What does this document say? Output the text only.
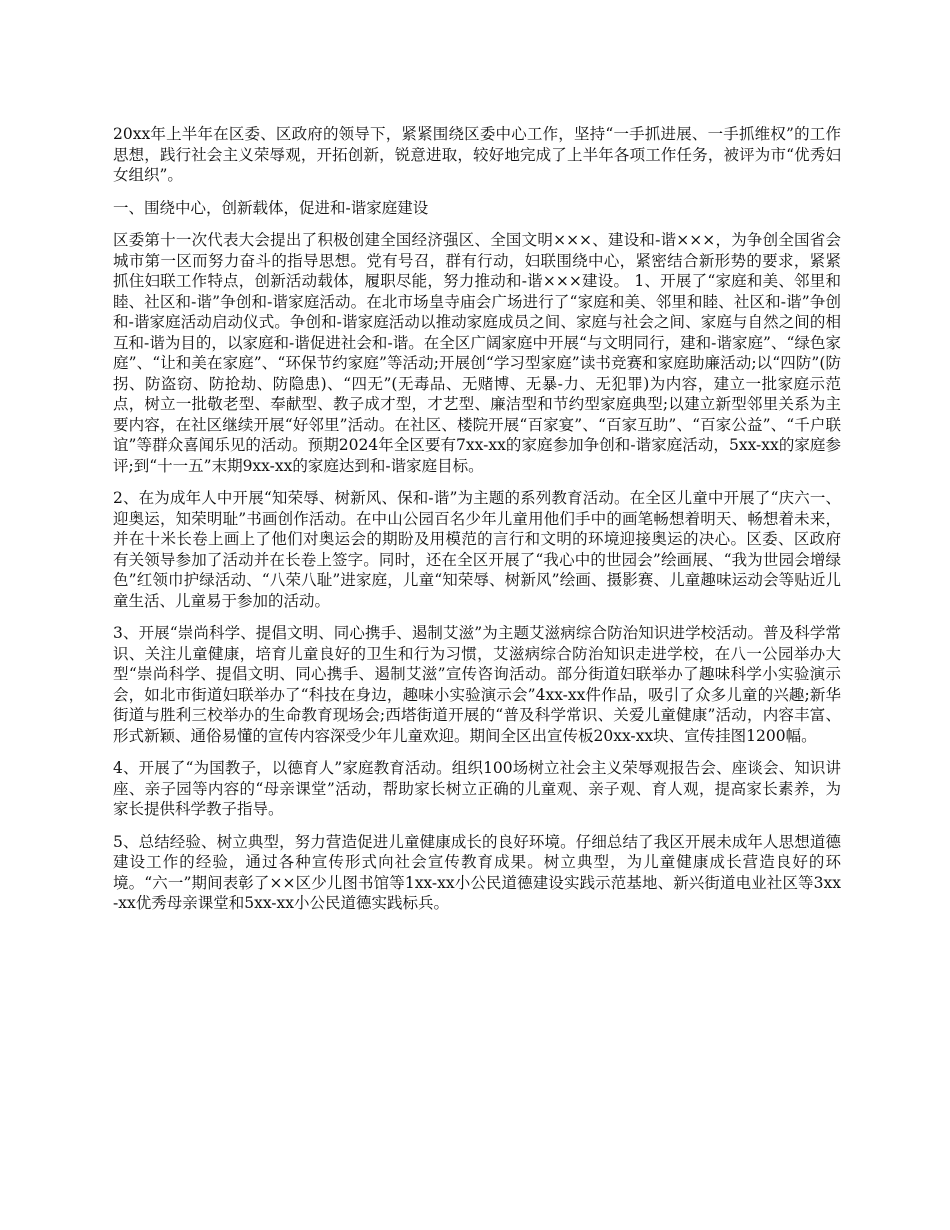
20xx年上半年在区委、区政府的领导下，紧紧围绕区委中心工作，坚持“一手抓进展、一手抓维权”的工作思想，践行社会主义荣辱观，开拓创新，锐意进取，较好地完成了上半年各项工作任务，被评为市“优秀妇女组织”。

一、围绕中心，创新载体，促进和-谐家庭建设

区委第十一次代表大会提出了积极创建全国经济强区、全国文明×××、建设和-谐×××，为争创全国省会城市第一区而努力奋斗的指导思想。党有号召，群有行动，妇联围绕中心，紧密结合新形势的要求，紧紧抓住妇联工作特点，创新活动载体，履职尽能，努力推动和-谐×××建设。 1、开展了“家庭和美、邻里和睦、社区和-谐”争创和-谐家庭活动。在北市场皇寺庙会广场进行了“家庭和美、邻里和睦、社区和-谐”争创和-谐家庭活动启动仪式。争创和-谐家庭活动以推动家庭成员之间、家庭与社会之间、家庭与自然之间的相互和-谐为目的，以家庭和-谐促进社会和-谐。在全区广阔家庭中开展“与文明同行，建和-谐家庭”、“绿色家庭”、“让和美在家庭”、“环保节约家庭”等活动;开展创“学习型家庭”读书竞赛和家庭助廉活动;以“四防”(防拐、防盗窃、防抢劫、防隐患)、“四无”(无毒品、无赌博、无暴-力、无犯罪)为内容，建立一批家庭示范点，树立一批敬老型、奉献型、教子成才型，才艺型、廉洁型和节约型家庭典型;以建立新型邻里关系为主要内容，在社区继续开展“好邻里”活动。在社区、楼院开展“百家宴”、“百家互助”、“百家公益”、“千户联谊”等群众喜闻乐见的活动。预期2024年全区要有7xx-xx的家庭参加争创和-谐家庭活动，5xx-xx的家庭参评;到“十一五”末期9xx-xx的家庭达到和-谐家庭目标。

2、在为成年人中开展“知荣辱、树新风、保和-谐”为主题的系列教育活动。在全区儿童中开展了“庆六一、迎奥运，知荣明耻”书画创作活动。在中山公园百名少年儿童用他们手中的画笔畅想着明天、畅想着未来，并在十米长卷上画上了他们对奥运会的期盼及用模范的言行和文明的环境迎接奥运的决心。区委、区政府有关领导参加了活动并在长卷上签字。同时，还在全区开展了“我心中的世园会”绘画展、“我为世园会增绿色”红领巾护绿活动、“八荣八耻”进家庭，儿童“知荣辱、树新风”绘画、摄影赛、儿童趣味运动会等贴近儿童生活、儿童易于参加的活动。

3、开展“崇尚科学、提倡文明、同心携手、遏制艾滋”为主题艾滋病综合防治知识进学校活动。普及科学常识、关注儿童健康，培育儿童良好的卫生和行为习惯，艾滋病综合防治知识走进学校，在八一公园举办大型“崇尚科学、提倡文明、同心携手、遏制艾滋”宣传咨询活动。部分街道妇联举办了趣味科学小实验演示会，如北市街道妇联举办了“科技在身边，趣味小实验演示会”4xx-xx件作品，吸引了众多儿童的兴趣;新华街道与胜利三校举办的生命教育现场会;西塔街道开展的“普及科学常识、关爱儿童健康”活动，内容丰富、形式新颖、通俗易懂的宣传内容深受少年儿童欢迎。期间全区出宣传板20xx-xx块、宣传挂图1200幅。

4、开展了“为国教子，以德育人”家庭教育活动。组织100场树立社会主义荣辱观报告会、座谈会、知识讲座、亲子园等内容的“母亲课堂”活动，帮助家长树立正确的儿童观、亲子观、育人观，提高家长素养，为家长提供科学教子指导。

5、总结经验、树立典型，努力营造促进儿童健康成长的良好环境。仔细总结了我区开展未成年人思想道德建设工作的经验，通过各种宣传形式向社会宣传教育成果。树立典型，为儿童健康成长营造良好的环境。“六一”期间表彰了××区少儿图书馆等1xx-xx小公民道德建设实践示范基地、新兴街道电业社区等3xx-xx优秀母亲课堂和5xx-xx小公民道德实践标兵。
